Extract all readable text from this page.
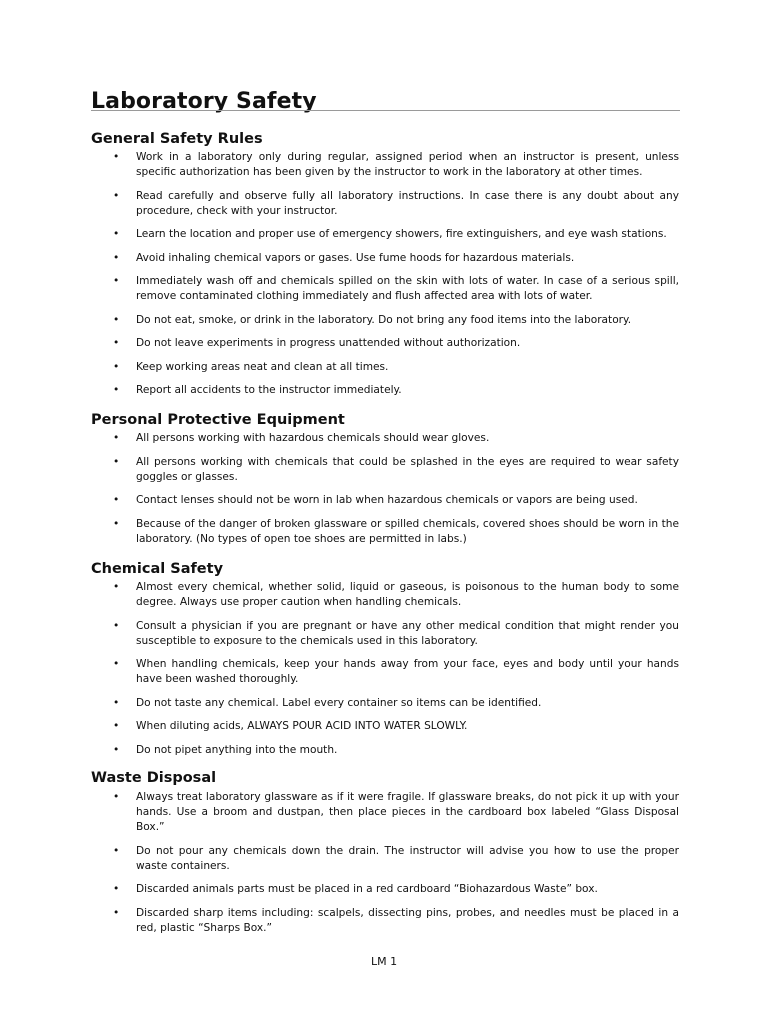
Laboratory Safety
General Safety Rules
• Work in a laboratory only during regular, assigned period when an instructor is present, unless specific authorization has been given by the instructor to work in the laboratory at other times.
• Read carefully and observe fully all laboratory instructions. In case there is any doubt about any procedure, check with your instructor.
• Learn the location and proper use of emergency showers, fire extinguishers, and eye wash stations.
• Avoid inhaling chemical vapors or gases. Use fume hoods for hazardous materials.
• Immediately wash off and chemicals spilled on the skin with lots of water. In case of a serious spill, remove contaminated clothing immediately and flush affected area with lots of water.
• Do not eat, smoke, or drink in the laboratory. Do not bring any food items into the laboratory.
• Do not leave experiments in progress unattended without authorization.
• Keep working areas neat and clean at all times.
• Report all accidents to the instructor immediately.
Personal Protective Equipment
• All persons working with hazardous chemicals should wear gloves.
• All persons working with chemicals that could be splashed in the eyes are required to wear safety goggles or glasses.
• Contact lenses should not be worn in lab when hazardous chemicals or vapors are being used.
• Because of the danger of broken glassware or spilled chemicals, covered shoes should be worn in the laboratory. (No types of open toe shoes are permitted in labs.)
Chemical Safety
• Almost every chemical, whether solid, liquid or gaseous, is poisonous to the human body to some degree. Always use proper caution when handling chemicals.
• Consult a physician if you are pregnant or have any other medical condition that might render you susceptible to exposure to the chemicals used in this laboratory.
• When handling chemicals, keep your hands away from your face, eyes and body until your hands have been washed thoroughly.
• Do not taste any chemical. Label every container so items can be identified.
• When diluting acids, ALWAYS POUR ACID INTO WATER SLOWLY.
• Do not pipet anything into the mouth.
Waste Disposal
• Always treat laboratory glassware as if it were fragile. If glassware breaks, do not pick it up with your hands. Use a broom and dustpan, then place pieces in the cardboard box labeled “Glass Disposal Box.”
• Do not pour any chemicals down the drain. The instructor will advise you how to use the proper waste containers.
• Discarded animals parts must be placed in a red cardboard “Biohazardous Waste” box.
• Discarded sharp items including: scalpels, dissecting pins, probes, and needles must be placed in a red, plastic “Sharps Box.”
LM 1
